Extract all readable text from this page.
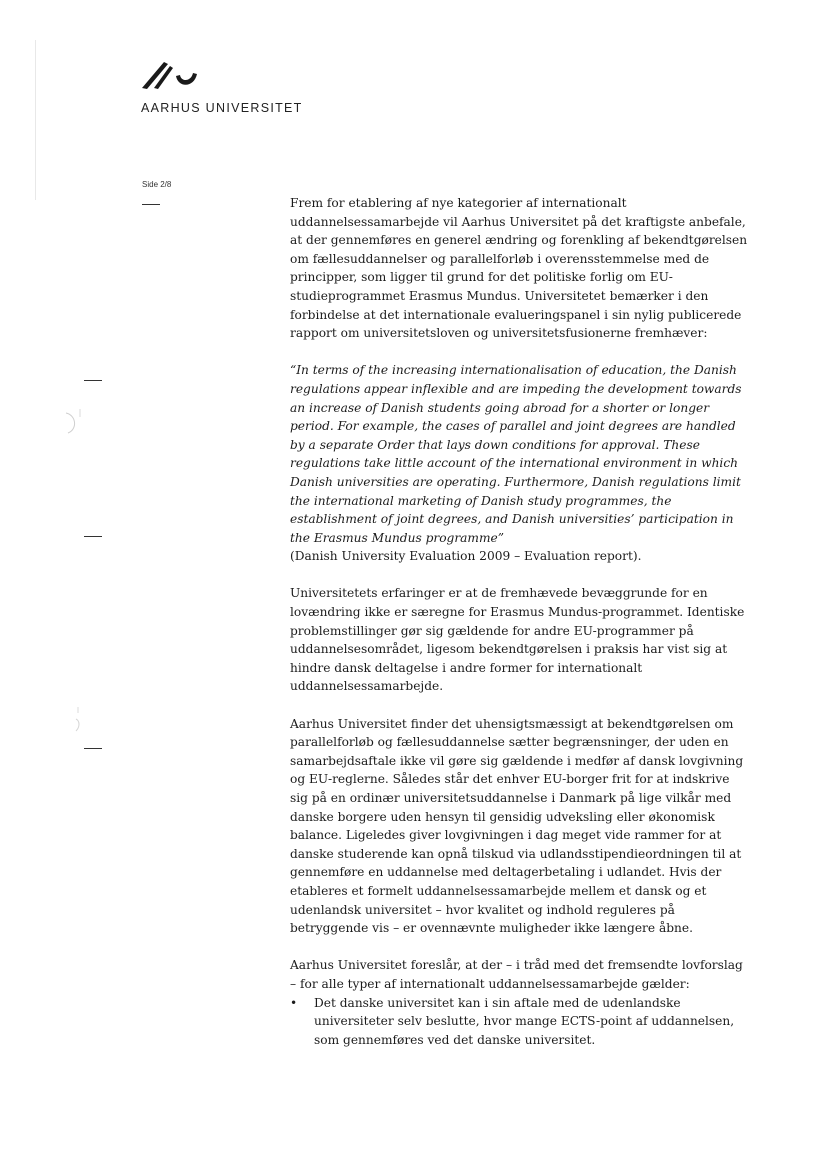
AARHUS UNIVERSITET
Side 2/8

Frem for etablering af nye kategorier af internationalt uddannelsessamarbejde vil Aarhus Universitet på det kraftigste anbefale, at der gennemføres en generel ændring og forenkling af bekendtgørelsen om fællesuddannelser og parallelforløb i overensstemmelse med de principper, som ligger til grund for det politiske forlig om EU-studieprogrammet Erasmus Mundus. Universitetet bemærker i den forbindelse at det internationale evalueringspanel i sin nylig publicerede rapport om universitetsloven og universitetsfusionerne fremhæver:

“In terms of the increasing internationalisation of education, the Danish regulations appear inflexible and are impeding the development towards an increase of Danish students going abroad for a shorter or longer period. For example, the cases of parallel and joint degrees are handled by a separate Order that lays down conditions for approval. These regulations take little account of the international environment in which Danish universities are operating. Furthermore, Danish regulations limit the international marketing of Danish study programmes, the establishment of joint degrees, and Danish universities’ participation in the Erasmus Mundus programme”

(Danish University Evaluation 2009 – Evaluation report).

Universitetets erfaringer er at de fremhævede bevæggrunde for en lovændring ikke er særegne for Erasmus Mundus-programmet. Identiske problemstillinger gør sig gældende for andre EU-programmer på uddannelsesområdet, ligesom bekendtgørelsen i praksis har vist sig at hindre dansk deltagelse i andre former for internationalt uddannelsessamarbejde.

Aarhus Universitet finder det uhensigtsmæssigt at bekendtgørelsen om parallelforløb og fællesuddannelse sætter begrænsninger, der uden en samarbejdsaftale ikke vil gøre sig gældende i medfør af dansk lovgivning og EU-reglerne. Således står det enhver EU-borger frit for at indskrive sig på en ordinær universitetsuddannelse i Danmark på lige vilkår med danske borgere uden hensyn til gensidig udveksling eller økonomisk balance. Ligeledes giver lovgivningen i dag meget vide rammer for at danske studerende kan opnå tilskud via udlandsstipendieordningen til at gennemføre en uddannelse med deltagerbetaling i udlandet. Hvis der etableres et formelt uddannelsessamarbejde mellem et dansk og et udenlandsk universitet – hvor kvalitet og indhold reguleres på betryggende vis – er ovennævnte muligheder ikke længere åbne.

Aarhus Universitet foreslår, at der – i tråd med det fremsendte lovforslag – for alle typer af internationalt uddannelsessamarbejde gælder:

• Det danske universitet kan i sin aftale med de udenlandske universiteter selv beslutte, hvor mange ECTS-point af uddannelsen, som gennemføres ved det danske universitet.
